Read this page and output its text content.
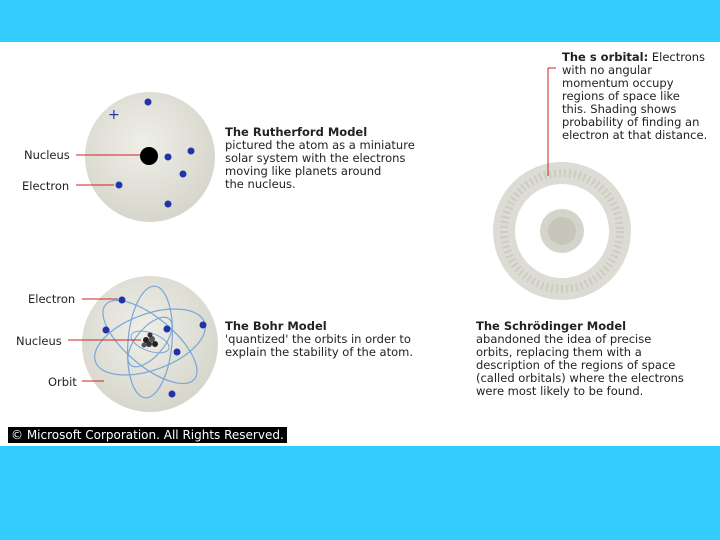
+
Nucleus
Electron
The Rutherford Model
pictured the atom as a miniature
solar system with the electrons
moving like planets around
the nucleus.
Electron
Nucleus
Orbit
The Bohr Model
'quantized' the orbits in order to
explain the stability of the atom.
The s orbital: Electrons
with no angular
momentum occupy
regions of space like
this. Shading shows
probability of finding an
electron at that distance.
The Schrödinger Model
abandoned the idea of precise
orbits, replacing them with a
description of the regions of space
(called orbitals) where the electrons
were most likely to be found.
© Microsoft Corporation. All Rights Reserved.
